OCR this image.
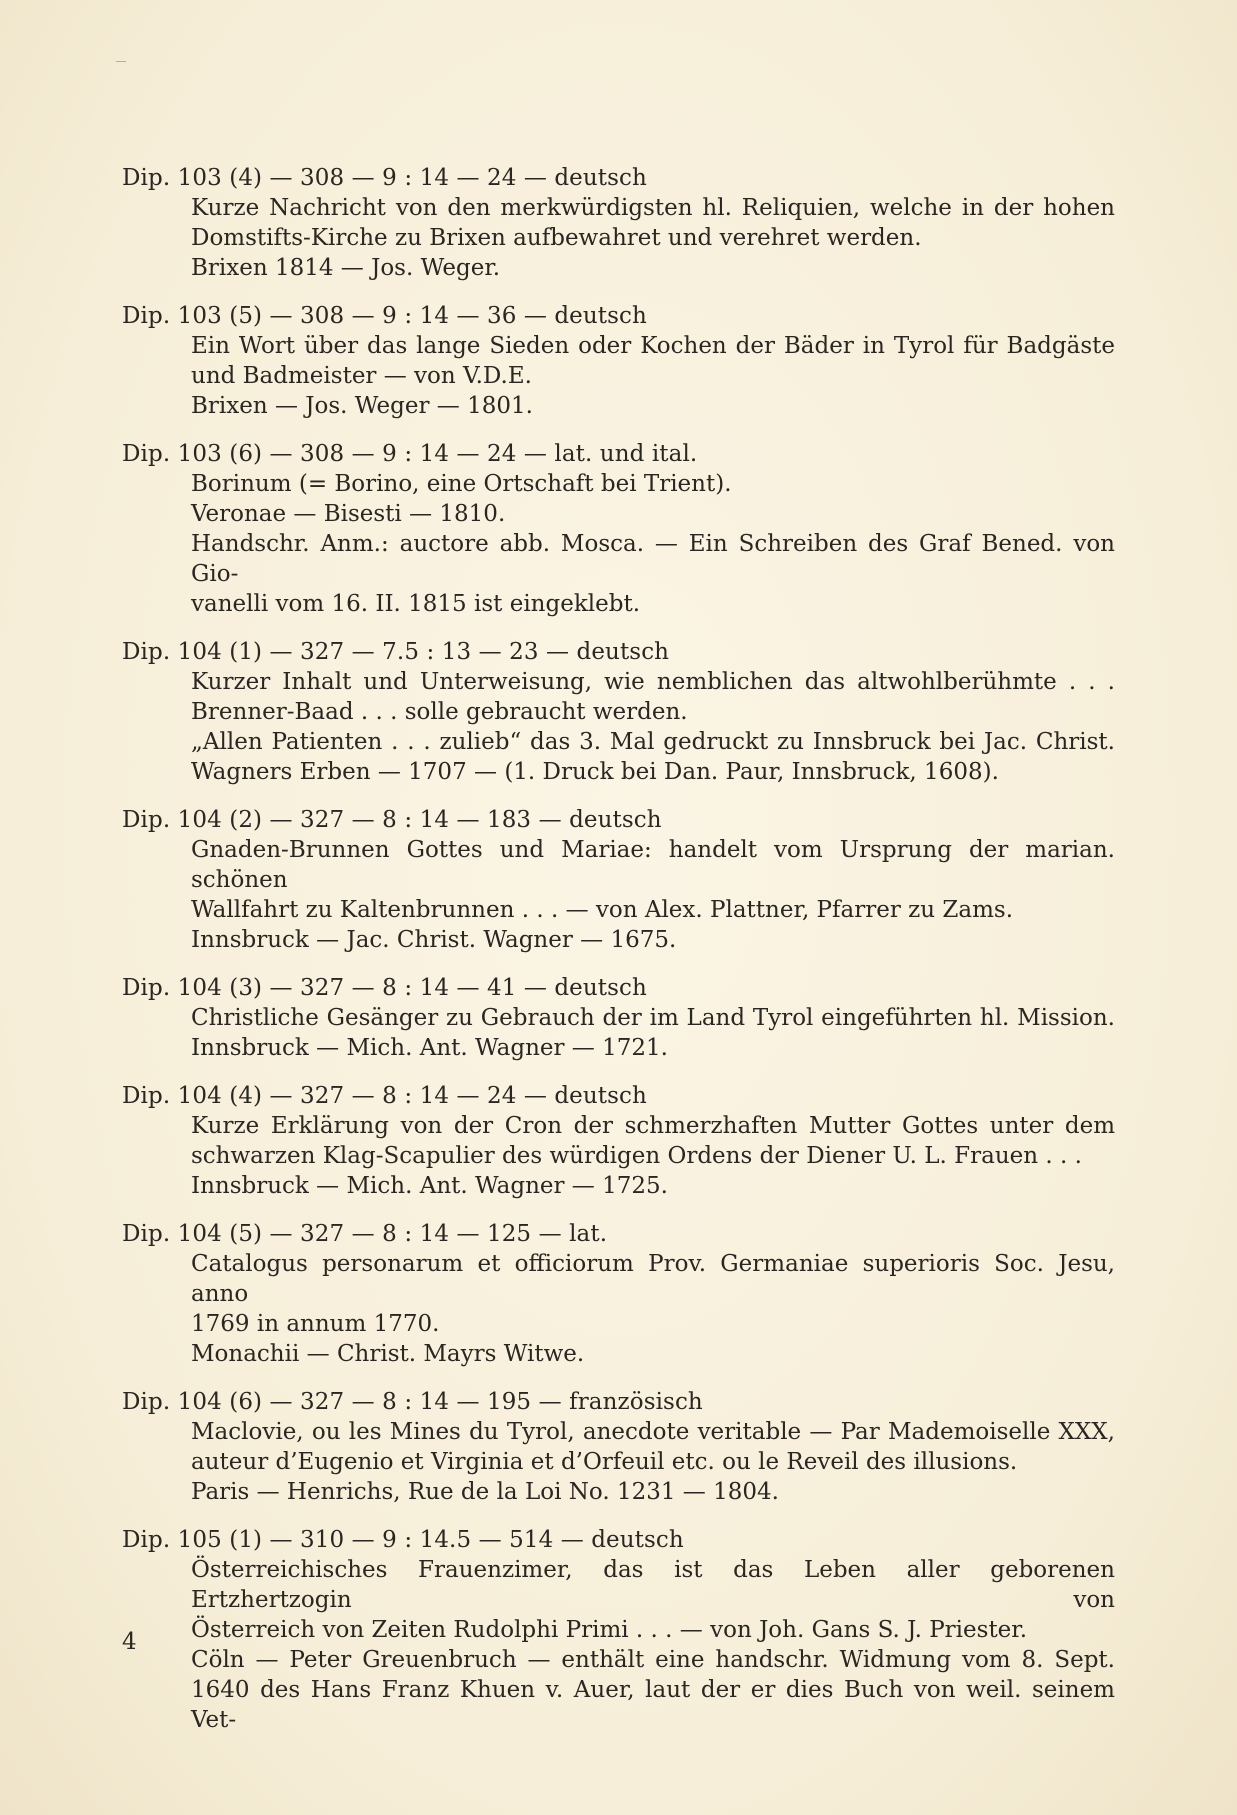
Dip. 103 (4) — 308 — 9 : 14 — 24 — deutsch
Kurze Nachricht von den merkwürdigsten hl. Reliquien, welche in der hohen
Domstifts-Kirche zu Brixen aufbewahret und verehret werden.
Brixen 1814 — Jos. Weger.
Dip. 103 (5) — 308 — 9 : 14 — 36 — deutsch
Ein Wort über das lange Sieden oder Kochen der Bäder in Tyrol für Badgäste
und Badmeister — von V.D.E.
Brixen — Jos. Weger — 1801.
Dip. 103 (6) — 308 — 9 : 14 — 24 — lat. und ital.
Borinum (= Borino, eine Ortschaft bei Trient).
Veronae — Bisesti — 1810.
Handschr. Anm.: auctore abb. Mosca. — Ein Schreiben des Graf Bened. von Gio-
vanelli vom 16. II. 1815 ist eingeklebt.
Dip. 104 (1) — 327 — 7.5 : 13 — 23 — deutsch
Kurzer Inhalt und Unterweisung, wie nemblichen das altwohlberühmte . . .
Brenner-Baad . . . solle gebraucht werden.
„Allen Patienten . . . zulieb“ das 3. Mal gedruckt zu Innsbruck bei Jac. Christ.
Wagners Erben — 1707 — (1. Druck bei Dan. Paur, Innsbruck, 1608).
Dip. 104 (2) — 327 — 8 : 14 — 183 — deutsch
Gnaden-Brunnen Gottes und Mariae: handelt vom Ursprung der marian. schönen
Wallfahrt zu Kaltenbrunnen . . . — von Alex. Plattner, Pfarrer zu Zams.
Innsbruck — Jac. Christ. Wagner — 1675.
Dip. 104 (3) — 327 — 8 : 14 — 41 — deutsch
Christliche Gesänger zu Gebrauch der im Land Tyrol eingeführten hl. Mission.
Innsbruck — Mich. Ant. Wagner — 1721.
Dip. 104 (4) — 327 — 8 : 14 — 24 — deutsch
Kurze Erklärung von der Cron der schmerzhaften Mutter Gottes unter dem
schwarzen Klag-Scapulier des würdigen Ordens der Diener U. L. Frauen . . .
Innsbruck — Mich. Ant. Wagner — 1725.
Dip. 104 (5) — 327 — 8 : 14 — 125 — lat.
Catalogus personarum et officiorum Prov. Germaniae superioris Soc. Jesu, anno
1769 in annum 1770.
Monachii — Christ. Mayrs Witwe.
Dip. 104 (6) — 327 — 8 : 14 — 195 — französisch
Maclovie, ou les Mines du Tyrol, anecdote veritable — Par Mademoiselle XXX,
auteur d’Eugenio et Virginia et d’Orfeuil etc. ou le Reveil des illusions.
Paris — Henrichs, Rue de la Loi No. 1231 — 1804.
Dip. 105 (1) — 310 — 9 : 14.5 — 514 — deutsch
Österreichisches Frauenzimer, das ist das Leben aller geborenen Ertzhertzogin von
Österreich von Zeiten Rudolphi Primi . . . — von Joh. Gans S. J. Priester.
Cöln — Peter Greuenbruch — enthält eine handschr. Widmung vom 8. Sept.
1640 des Hans Franz Khuen v. Auer, laut der er dies Buch von weil. seinem Vet-
4
